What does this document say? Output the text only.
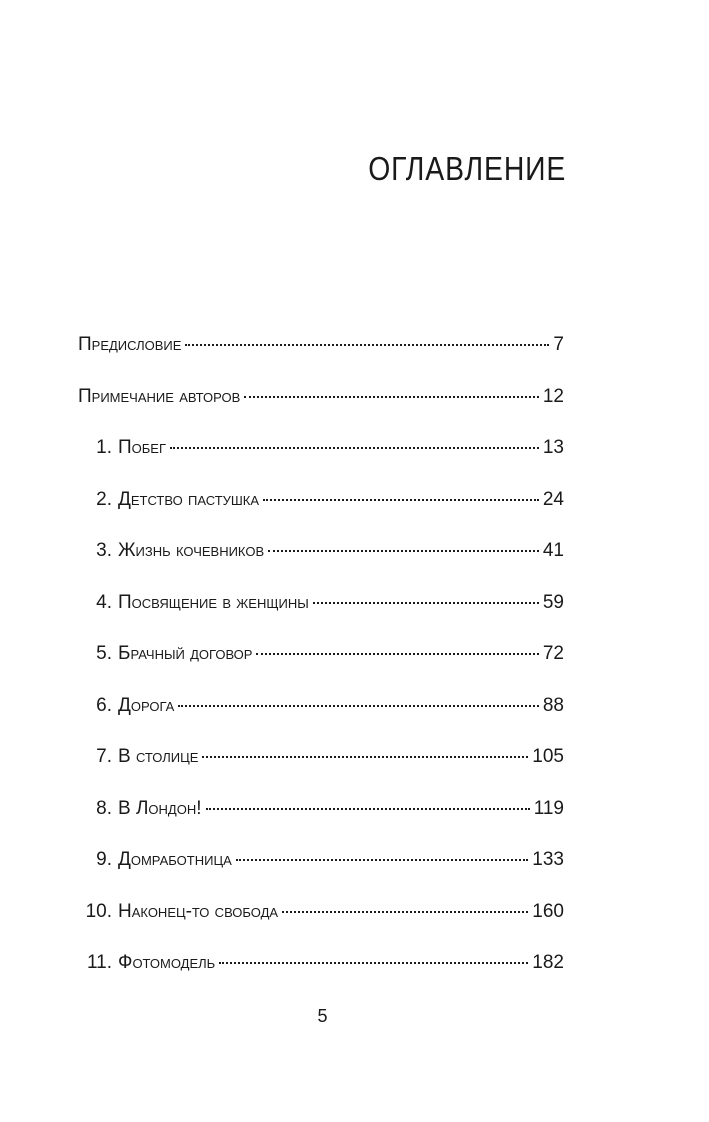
ОГЛАВЛЕНИЕ
Предисловие	7
Примечание авторов	12
1. Побег	13
2. Детство пастушка	24
3. Жизнь кочевников	41
4. Посвящение в женщины	59
5. Брачный договор	72
6. Дорога	88
7. В столице	105
8. В Лондон!	119
9. Домработница	133
10. Наконец-то свобода	160
11. Фотомодель	182
5
